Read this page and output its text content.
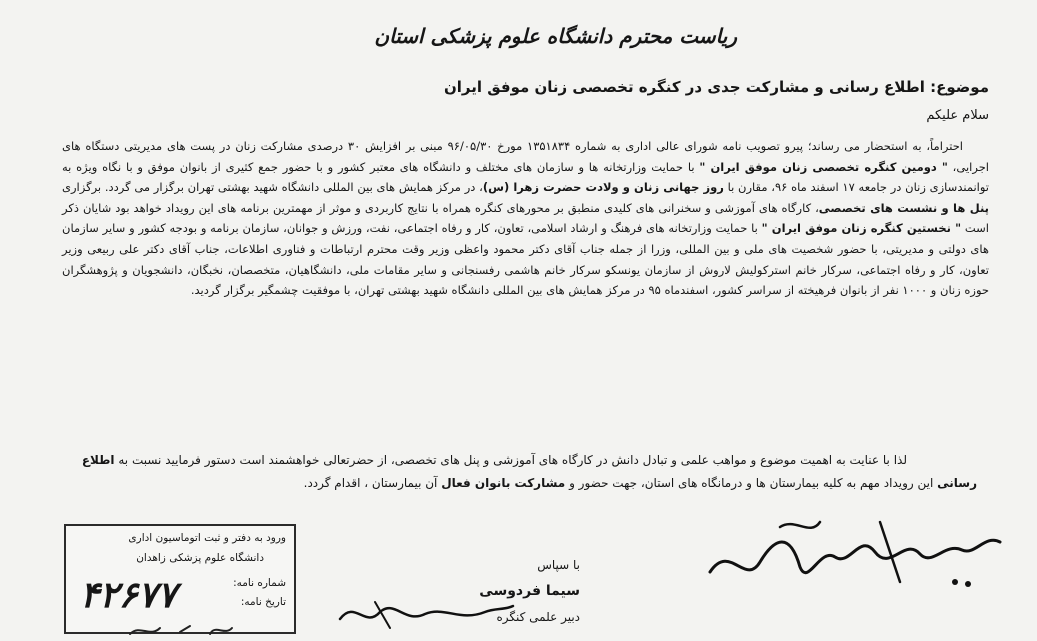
ریاست محترم دانشگاه علوم پزشکی استان
موضوع: اطلاع رسانی و مشارکت جدی در کنگره تخصصی زنان موفق ایران
سلام علیکم
احتراماً، به استحضار می رساند؛ پیرو تصویب نامه شورای عالی اداری به شماره ۱۳۵۱۸۳۴ مورخ ۹۶/۰۵/۳۰ مبنی بر افزایش ۳۰ درصدی مشارکت زنان در پست های مدیریتی دستگاه های اجرایی، " دومین کنگره تخصصی زنان موفق ایران " با حمایت وزارتخانه ها و سازمان های مختلف و دانشگاه های معتبر کشور و با حضور جمع کثیری از بانوان موفق و با نگاه ویژه به توانمندسازی زنان در جامعه ۱۷ اسفند ماه ۹۶، مقارن با روز جهانی زنان و ولادت حضرت زهرا (س)، در مرکز همایش های بین المللی دانشگاه شهید بهشتی تهران برگزار می گردد. برگزاری پنل ها و نشست های تخصصی، کارگاه های آموزشی و سخنرانی های کلیدی منطبق بر محورهای کنگره همراه با نتایج کاربردی و موثر از مهمترین برنامه های این رویداد خواهد بود شایان ذکر است " نخستین کنگره زنان موفق ایران " با حمایت وزارتخانه های فرهنگ و ارشاد اسلامی، تعاون، کار و رفاه اجتماعی، نفت، ورزش و جوانان، سازمان برنامه و بودجه کشور و سایر سازمان های دولتی و مدیریتی، با حضور شخصیت های ملی و بین المللی، وزرا از جمله جناب آقای دکتر محمود واعظی وزیر وقت محترم ارتباطات و فناوری اطلاعات، جناب آقای دکتر علی ربیعی وزیر تعاون، کار و رفاه اجتماعی، سرکار خانم استرکولیش لاروش از سازمان یونسکو سرکار خانم هاشمی رفسنجانی و سایر مقامات ملی، دانشگاهیان، متخصصان، نخبگان، دانشجویان و پژوهشگران حوزه زنان و ۱۰۰۰ نفر از بانوان فرهیخته از سراسر کشور، اسفندماه ۹۵ در مرکز همایش های بین المللی دانشگاه شهید بهشتی تهران، با موفقیت چشمگیر برگزار گردید.
لذا با عنایت به اهمیت موضوع و مواهب علمی و تبادل دانش در کارگاه های آموزشی و پنل های تخصصی، از حضرتعالی خواهشمند است دستور فرمایید نسبت به اطلاع رسانی این رویداد مهم به کلیه بیمارستان ها و درمانگاه های استان، جهت حضور و مشارکت بانوان فعال آن بیمارستان ، اقدام گردد.
ورود به دفتر و ثبت اتوماسیون اداری
دانشگاه علوم پزشکی زاهدان
شماره نامه:
تاریخ نامه:
۴۲۶۷۷
با سپاس
سیما فردوسی
دبیر علمی کنگره
